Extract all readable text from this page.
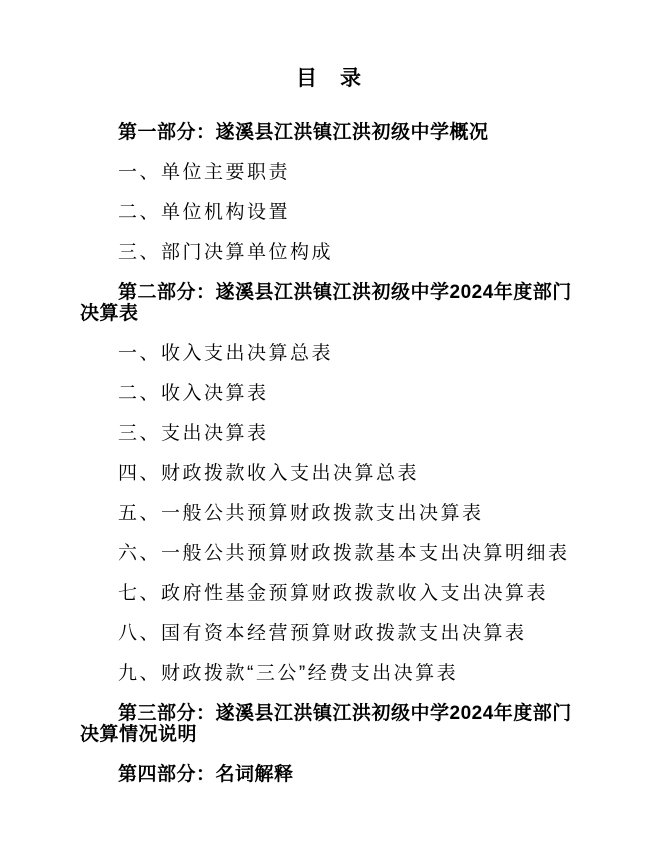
目　录

第一部分：遂溪县江洪镇江洪初级中学概况

一、单位主要职责

二、单位机构设置

三、部门决算单位构成

第二部分：遂溪县江洪镇江洪初级中学2024年度部门决算表

一、收入支出决算总表

二、收入决算表

三、支出决算表

四、财政拨款收入支出决算总表

五、一般公共预算财政拨款支出决算表

六、一般公共预算财政拨款基本支出决算明细表

七、政府性基金预算财政拨款收入支出决算表

八、国有资本经营预算财政拨款支出决算表

九、财政拨款“三公”经费支出决算表

第三部分：遂溪县江洪镇江洪初级中学2024年度部门决算情况说明

第四部分：名词解释
